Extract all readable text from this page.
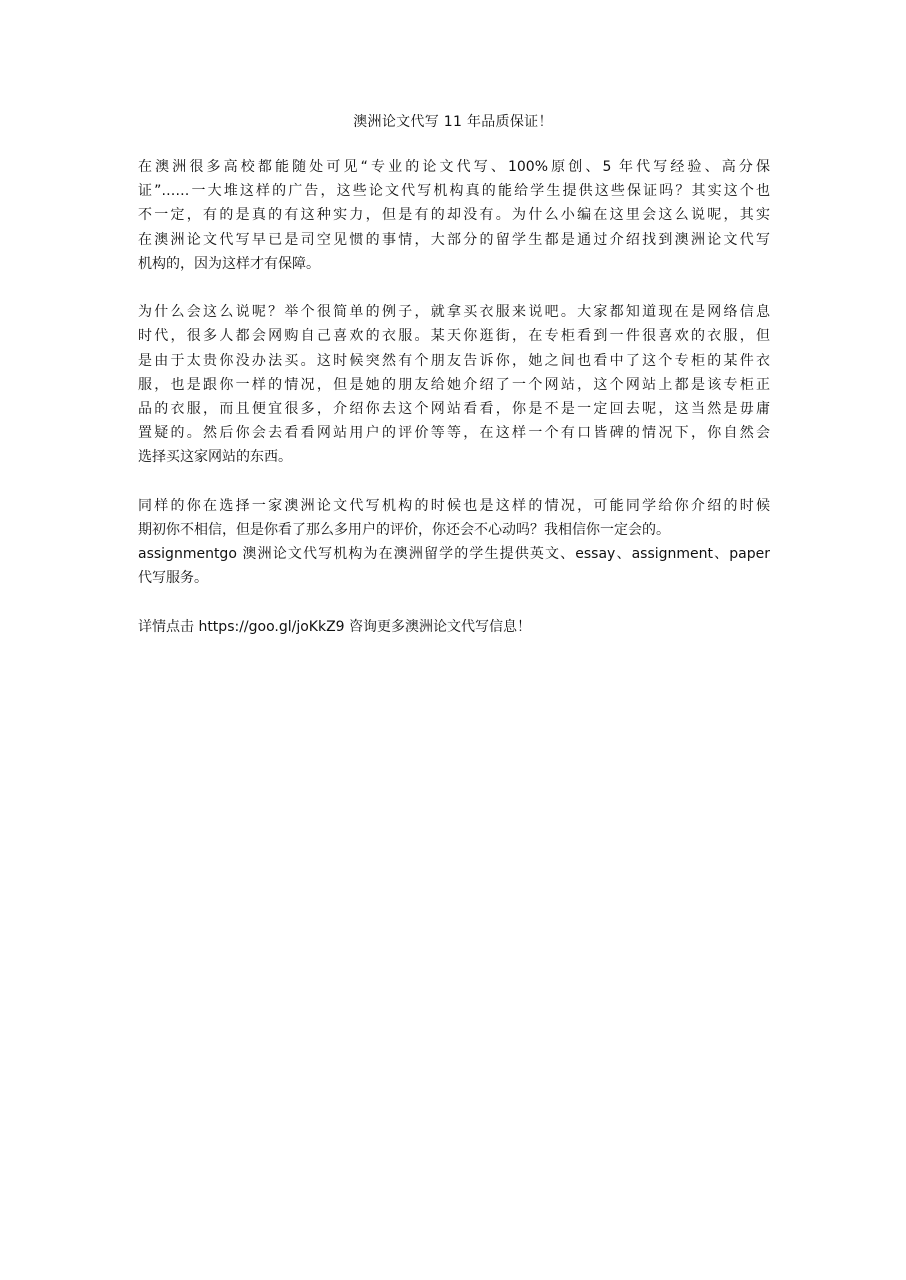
澳洲论文代写 11 年品质保证！
在澳洲很多高校都能随处可见“专业的论文代写、100%原创、5 年代写经验、高分保
证”……一大堆这样的广告，这些论文代写机构真的能给学生提供这些保证吗？其实这个也
不一定，有的是真的有这种实力，但是有的却没有。为什么小编在这里会这么说呢，其实
在澳洲论文代写早已是司空见惯的事情，大部分的留学生都是通过介绍找到澳洲论文代写
机构的，因为这样才有保障。
为什么会这么说呢？举个很简单的例子，就拿买衣服来说吧。大家都知道现在是网络信息
时代，很多人都会网购自己喜欢的衣服。某天你逛街，在专柜看到一件很喜欢的衣服，但
是由于太贵你没办法买。这时候突然有个朋友告诉你，她之间也看中了这个专柜的某件衣
服，也是跟你一样的情况，但是她的朋友给她介绍了一个网站，这个网站上都是该专柜正
品的衣服，而且便宜很多，介绍你去这个网站看看，你是不是一定回去呢，这当然是毋庸
置疑的。然后你会去看看网站用户的评价等等，在这样一个有口皆碑的情况下，你自然会
选择买这家网站的东西。
同样的你在选择一家澳洲论文代写机构的时候也是这样的情况，可能同学给你介绍的时候
期初你不相信，但是你看了那么多用户的评价，你还会不心动吗？我相信你一定会的。
assignmentgo 澳洲论文代写机构为在澳洲留学的学生提供英文、essay、assignment、paper
代写服务。
详情点击 https://goo.gl/joKkZ9 咨询更多澳洲论文代写信息！
